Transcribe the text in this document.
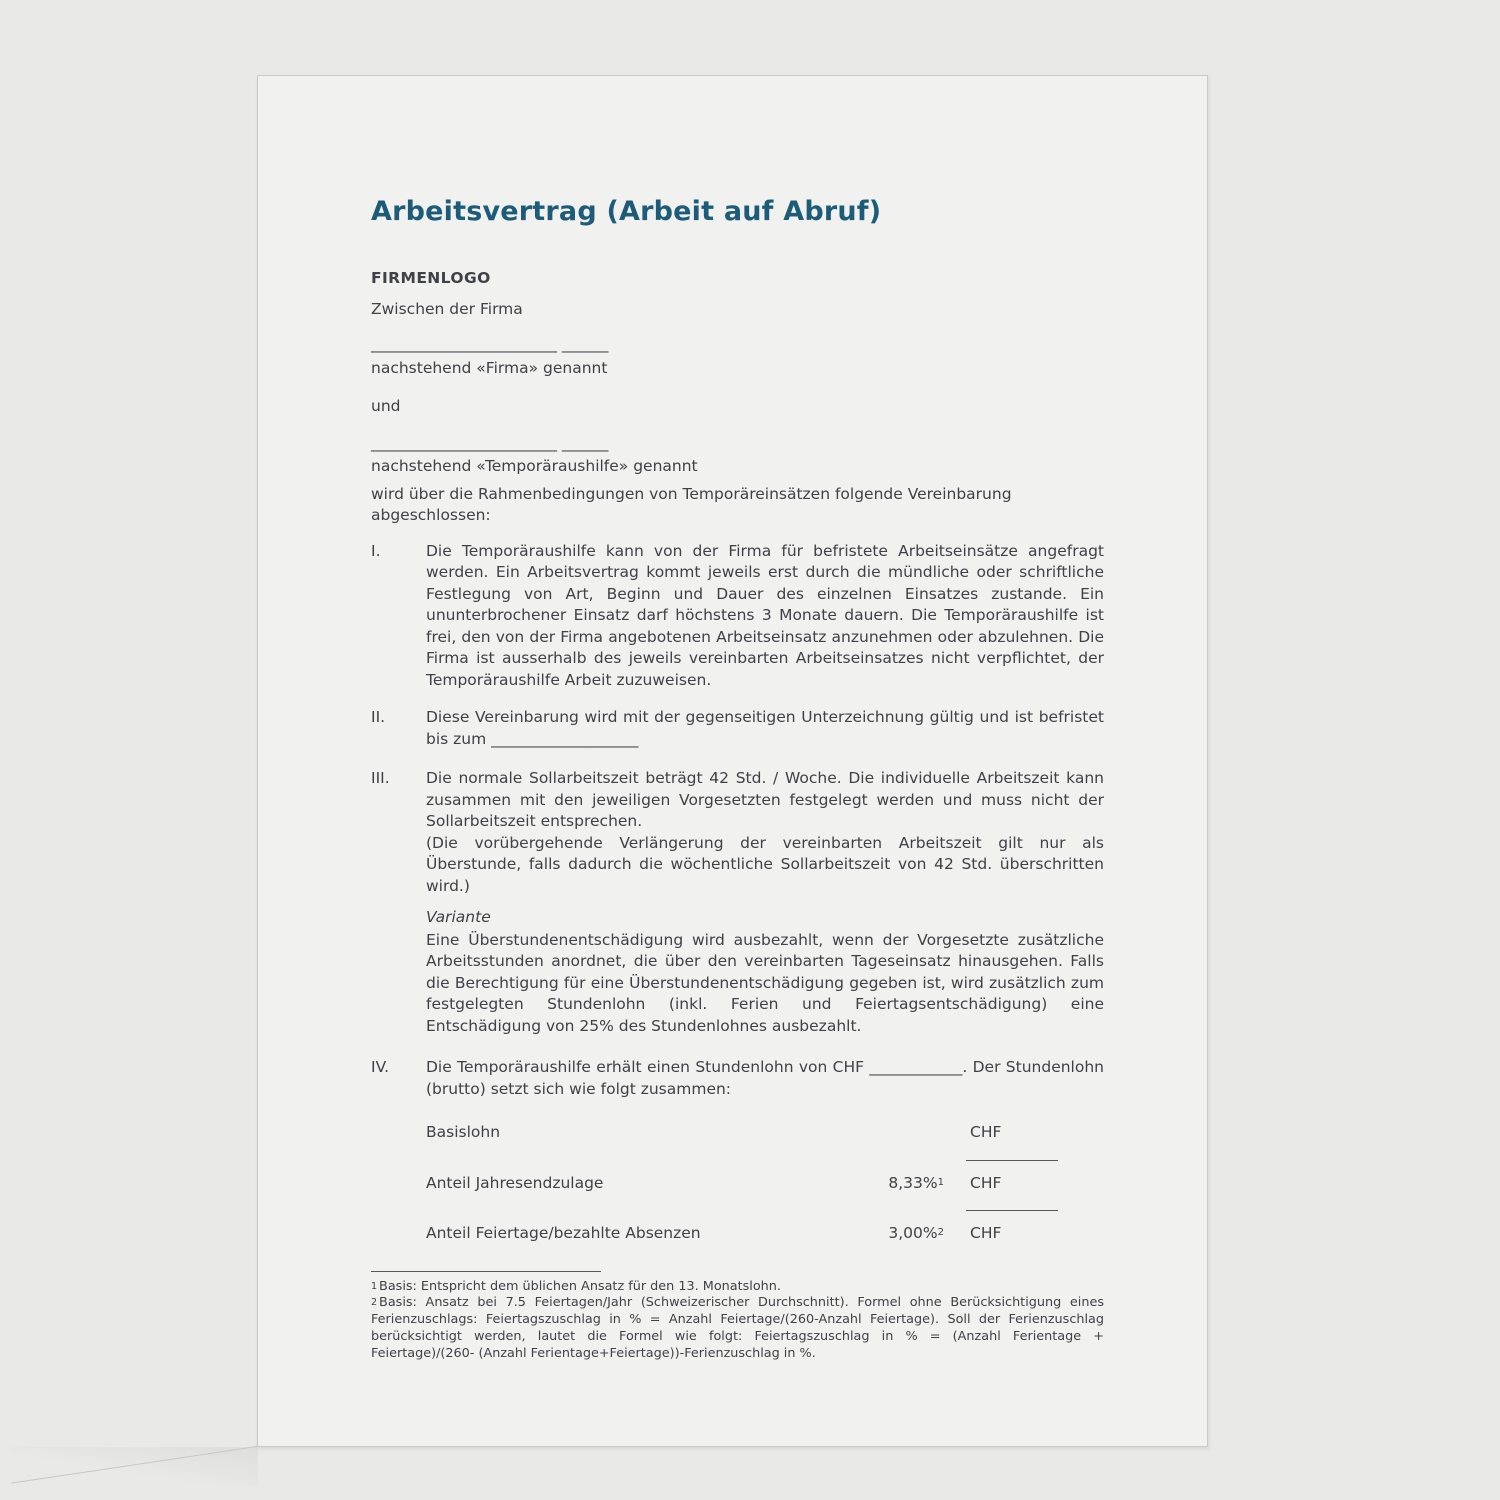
Arbeitsvertrag (Arbeit auf Abruf)

FIRMENLOGO

Zwischen der Firma

________________________ ______

nachstehend «Firma» genannt

und

________________________ ______

nachstehend «Temporäraushilfe» genannt

wird über die Rahmenbedingungen von Temporäreinsätzen folgende Vereinbarung abgeschlossen:

I.	Die Temporäraushilfe kann von der Firma für befristete Arbeitseinsätze angefragt werden. Ein Arbeitsvertrag kommt jeweils erst durch die mündliche oder schriftliche Festlegung von Art, Beginn und Dauer des einzelnen Einsatzes zustande. Ein ununterbrochener Einsatz darf höchstens 3 Monate dauern. Die Temporäraushilfe ist frei, den von der Firma angebotenen Arbeitseinsatz anzunehmen oder abzulehnen. Die Firma ist ausserhalb des jeweils vereinbarten Arbeitseinsatzes nicht verpflichtet, der Temporäraushilfe Arbeit zuzuweisen.
II.	Diese Vereinbarung wird mit der gegenseitigen Unterzeichnung gültig und ist befristet bis zum ___________________
III.	Die normale Sollarbeitszeit beträgt 42 Std. / Woche. Die individuelle Arbeitszeit kann zusammen mit den jeweiligen Vorgesetzten festgelegt werden und muss nicht der Sollarbeitszeit entsprechen.

(Die vorübergehende Verlängerung der vereinbarten Arbeitszeit gilt nur als Überstunde, falls dadurch die wöchentliche Sollarbeitszeit von 42 Std. überschritten wird.)

Variante

Eine Überstundenentschädigung wird ausbezahlt, wenn der Vorgesetzte zusätzliche Arbeitsstunden anordnet, die über den vereinbarten Tageseinsatz hinausgehen. Falls die Berechtigung für eine Überstundenentschädigung gegeben ist, wird zusätzlich zum festgelegten Stundenlohn (inkl. Ferien und Feiertagsentschädigung) eine Entschädigung von 25% des Stundenlohnes ausbezahlt.

IV.	Die Temporäraushilfe erhält einen Stundenlohn von CHF ____________. Der Stundenlohn (brutto) setzt sich wie folgt zusammen:
Basislohn	CHF
Anteil Jahresendzulage	8,33%$^1$ CHF
Anteil Feiertage/bezahlte Absenzen	3,00%$^2$ CHF

$^1$ Basis: Entspricht dem üblichen Ansatz für den 13. Monatslohn.

$^2$ Basis: Ansatz bei 7.5 Feiertagen/Jahr (Schweizerischer Durchschnitt). Formel ohne Berücksichtigung eines Ferienzuschlags: Feiertagszuschlag in % = Anzahl Feiertage/(260-Anzahl Feiertage). Soll der Ferienzuschlag berücksichtigt werden, lautet die Formel wie folgt: Feiertagszuschlag in % = (Anzahl Ferientage + Feiertage)/(260- (Anzahl Ferientage+Feiertage))-Ferienzuschlag in %.
